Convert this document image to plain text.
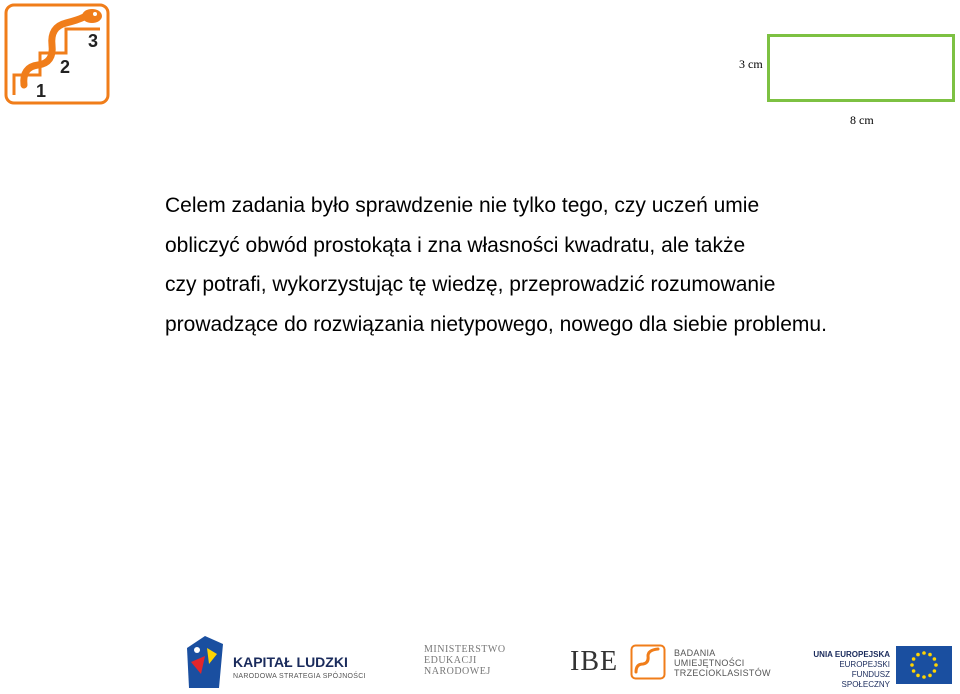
1
2
3
3 cm
8 cm
Celem zadania było sprawdzenie nie tylko tego, czy uczeń umie
obliczyć obwód prostokąta i zna własności kwadratu, ale także
czy potrafi, wykorzystując tę wiedzę, przeprowadzić rozumowanie
prowadzące do rozwiązania nietypowego, nowego dla siebie problemu.
KAPITAŁ LUDZKI
NARODOWA STRATEGIA SPÓJNOŚCI
MINISTERSTWO
EDUKACJI
NARODOWEJ	IBE	BADANIA
UMIEJĘTNOŚCI
TRZECIOKLASISTÓW
UNIA EUROPEJSKA
EUROPEJSKI
FUNDUSZ SPOŁECZNY
